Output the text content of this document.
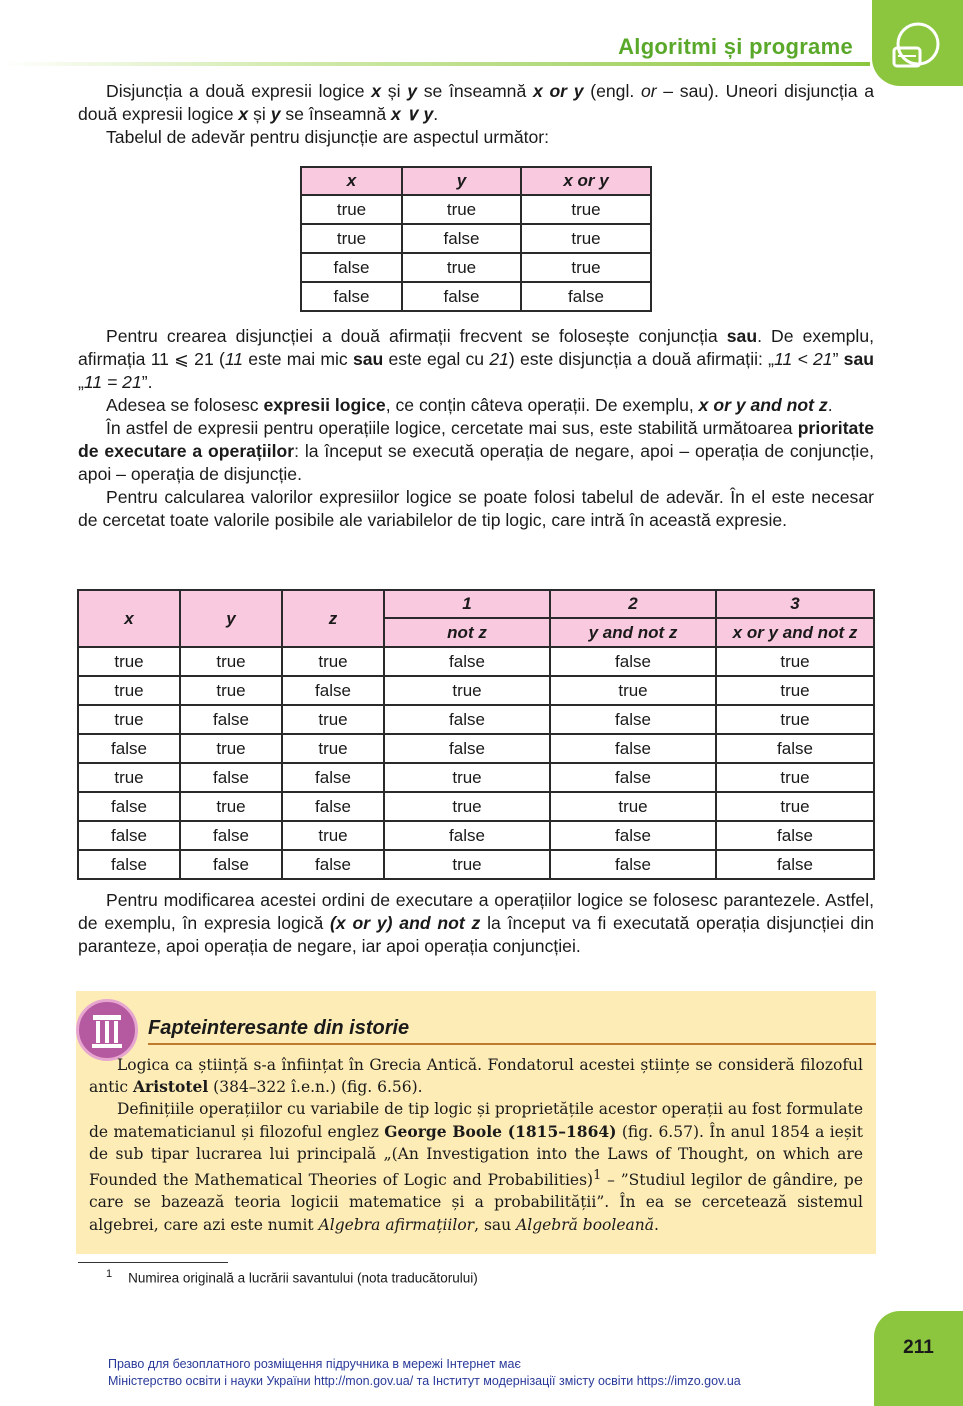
Algoritmi și programe

Disjuncția a două expresii logice x și y se înseamnă x or y (engl. or – sau). Uneori disjuncția a două expresii logice x și y se înseamnă x ∨ y.

Tabelul de adevăr pentru disjuncție are aspectul următor:

x	y	x or y
true	true	true
true	false	true
false	true	true
false	false	false

Pentru crearea disjuncției a două afirmații frecvent se folosește conjuncția sau. De exemplu, afirmația 11 ⩽ 21 (11 este mai mic sau este egal cu 21) este disjuncția a două afirmații: „11 < 21” sau „11 = 21”.

Adesea se folosesc expresii logice, ce conțin câteva operații. De exemplu, x or y and not z.

În astfel de expresii pentru operațiile logice, cercetate mai sus, este stabilită următoarea prioritate de executare a operațiilor: la început se execută operația de negare, apoi – operația de conjuncție, apoi – operația de disjuncție.

Pentru calcularea valorilor expresiilor logice se poate folosi tabelul de adevăr. În el este necesar de cercetat toate valorile posibile ale variabilelor de tip logic, care intră în această expresie.

x	y	z	1	2	3
			not z	y and not z	x or y and not z
true	true	true	false	false	true
true	true	false	true	true	true
true	false	true	false	false	true
false	true	true	false	false	false
true	false	false	true	false	true
false	true	false	true	true	true
false	false	true	false	false	false
false	false	false	true	false	false

Pentru modificarea acestei ordini de executare a operațiilor logice se folosesc parantezele. Astfel, de exemplu, în expresia logică (x or y) and not z la început va fi executată operația disjuncției din paranteze, apoi operația de negare, iar apoi operația conjuncției.

Fapteinteresante din istorie

Logica ca știință s-a înființat în Grecia Antică. Fondatorul acestei științe se consideră filozoful antic Aristotel (384–322 î.e.n.) (fig. 6.56).

Definițiile operațiilor cu variabile de tip logic și proprietățile acestor operații au fost formulate de matematicianul și filozoful englez George Boole (1815–1864) (fig. 6.57). În anul 1854 a ieșit de sub tipar lucrarea lui principală „(An Investigation into the Laws of Thought, on which are Founded the Mathematical Theories of Logic and Probabilities)$^1$ – ”Studiul legilor de gândire, pe care se bazează teoria logicii matematice și a probabilității”. În ea se cercetează sistemul algebrei, care azi este numit Algebra afirmațiilor, sau Algebră booleană.

$^1$ Numirea originală a lucrării savantului (nota traducătorului)
211
Право для безоплатного розміщення підручника в мережі Інтернет має
Міністерство освіти і науки України http://mon.gov.ua/ та Інститут модернізації змісту освіти https://imzo.gov.ua
